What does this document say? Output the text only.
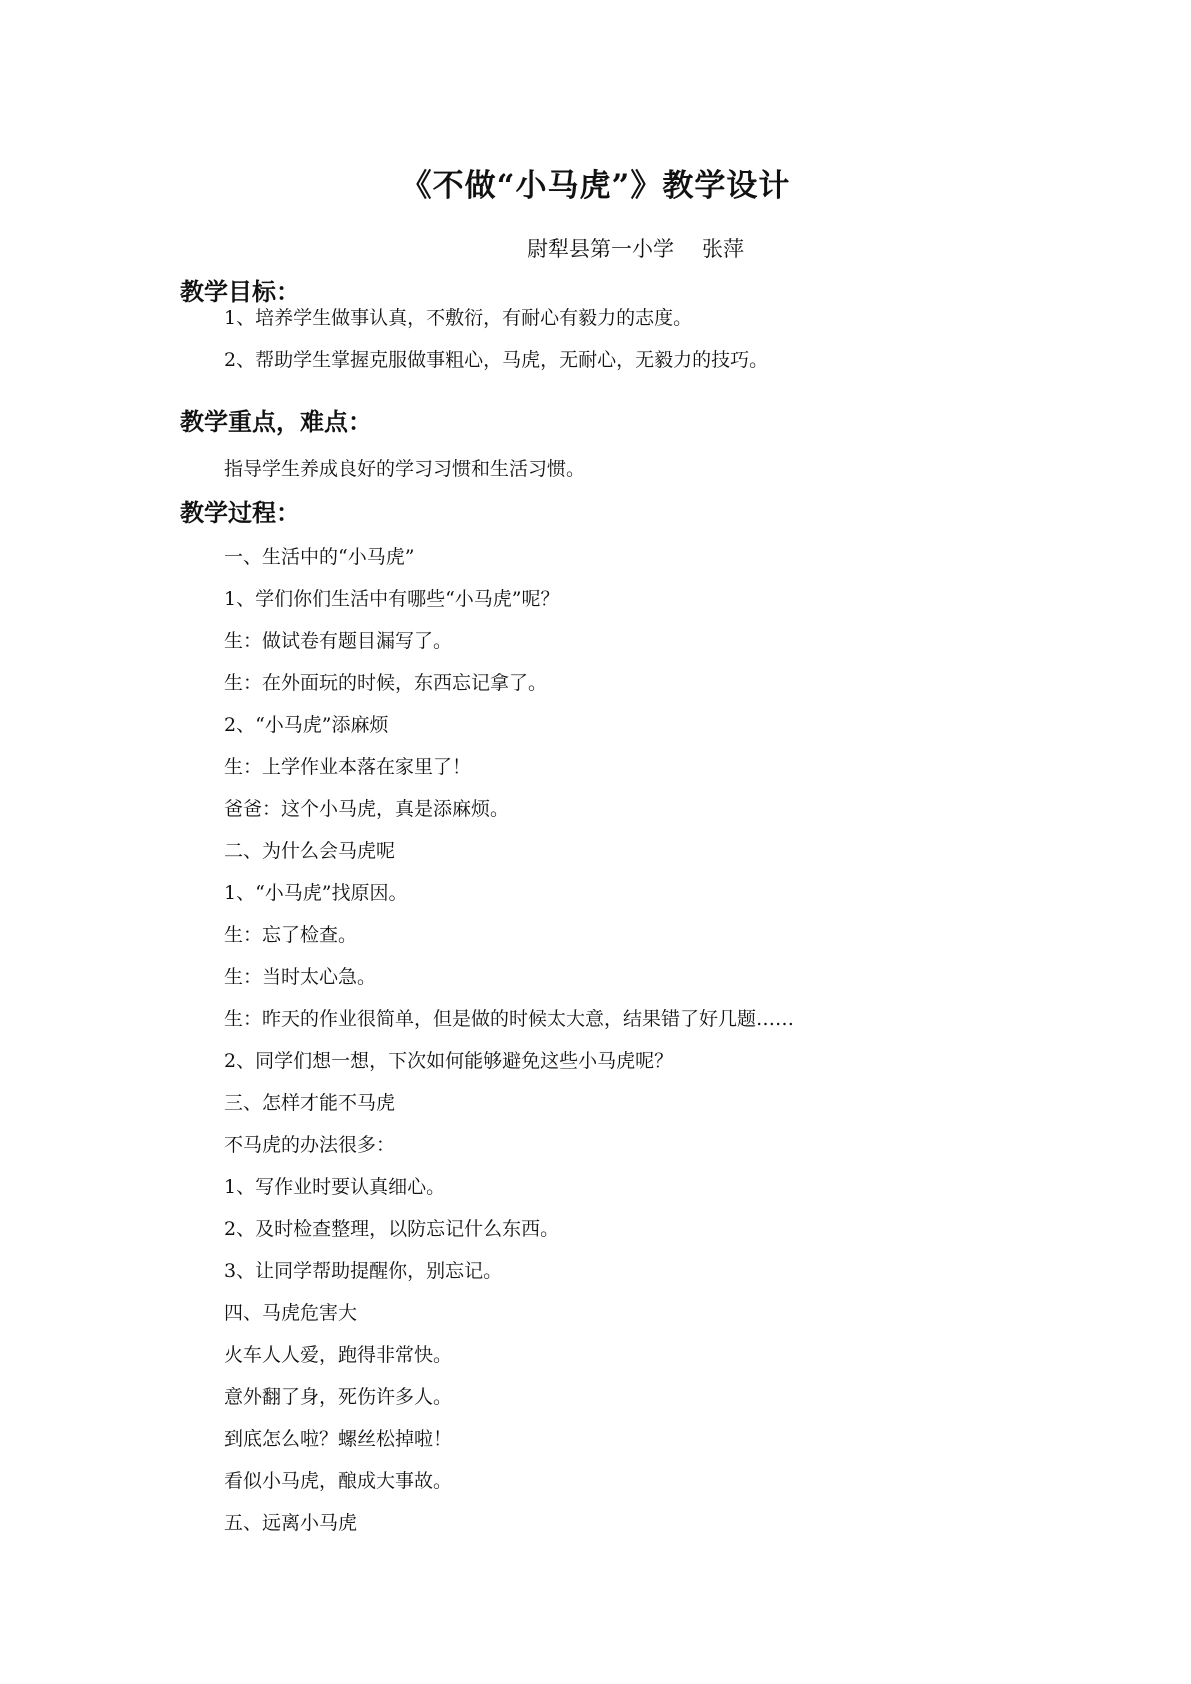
《不做“小马虎”》教学设计
尉犁县第一小学 张萍
教学目标：
1、培养学生做事认真，不敷衍，有耐心有毅力的志度。
2、帮助学生掌握克服做事粗心，马虎，无耐心，无毅力的技巧。
教学重点，难点：
指导学生养成良好的学习习惯和生活习惯。
教学过程：
一、生活中的“小马虎”
1、学们你们生活中有哪些“小马虎”呢？
生：做试卷有题目漏写了。
生：在外面玩的时候，东西忘记拿了。
2、“小马虎”添麻烦
生：上学作业本落在家里了！
爸爸：这个小马虎，真是添麻烦。
二、为什么会马虎呢
1、“小马虎”找原因。
生：忘了检查。
生：当时太心急。
生：昨天的作业很简单，但是做的时候太大意，结果错了好几题……
2、同学们想一想，下次如何能够避免这些小马虎呢？
三、怎样才能不马虎
不马虎的办法很多：
1、写作业时要认真细心。
2、及时检查整理，以防忘记什么东西。
3、让同学帮助提醒你，别忘记。
四、马虎危害大
火车人人爱，跑得非常快。
意外翻了身，死伤许多人。
到底怎么啦？螺丝松掉啦！
看似小马虎，酿成大事故。
五、远离小马虎
